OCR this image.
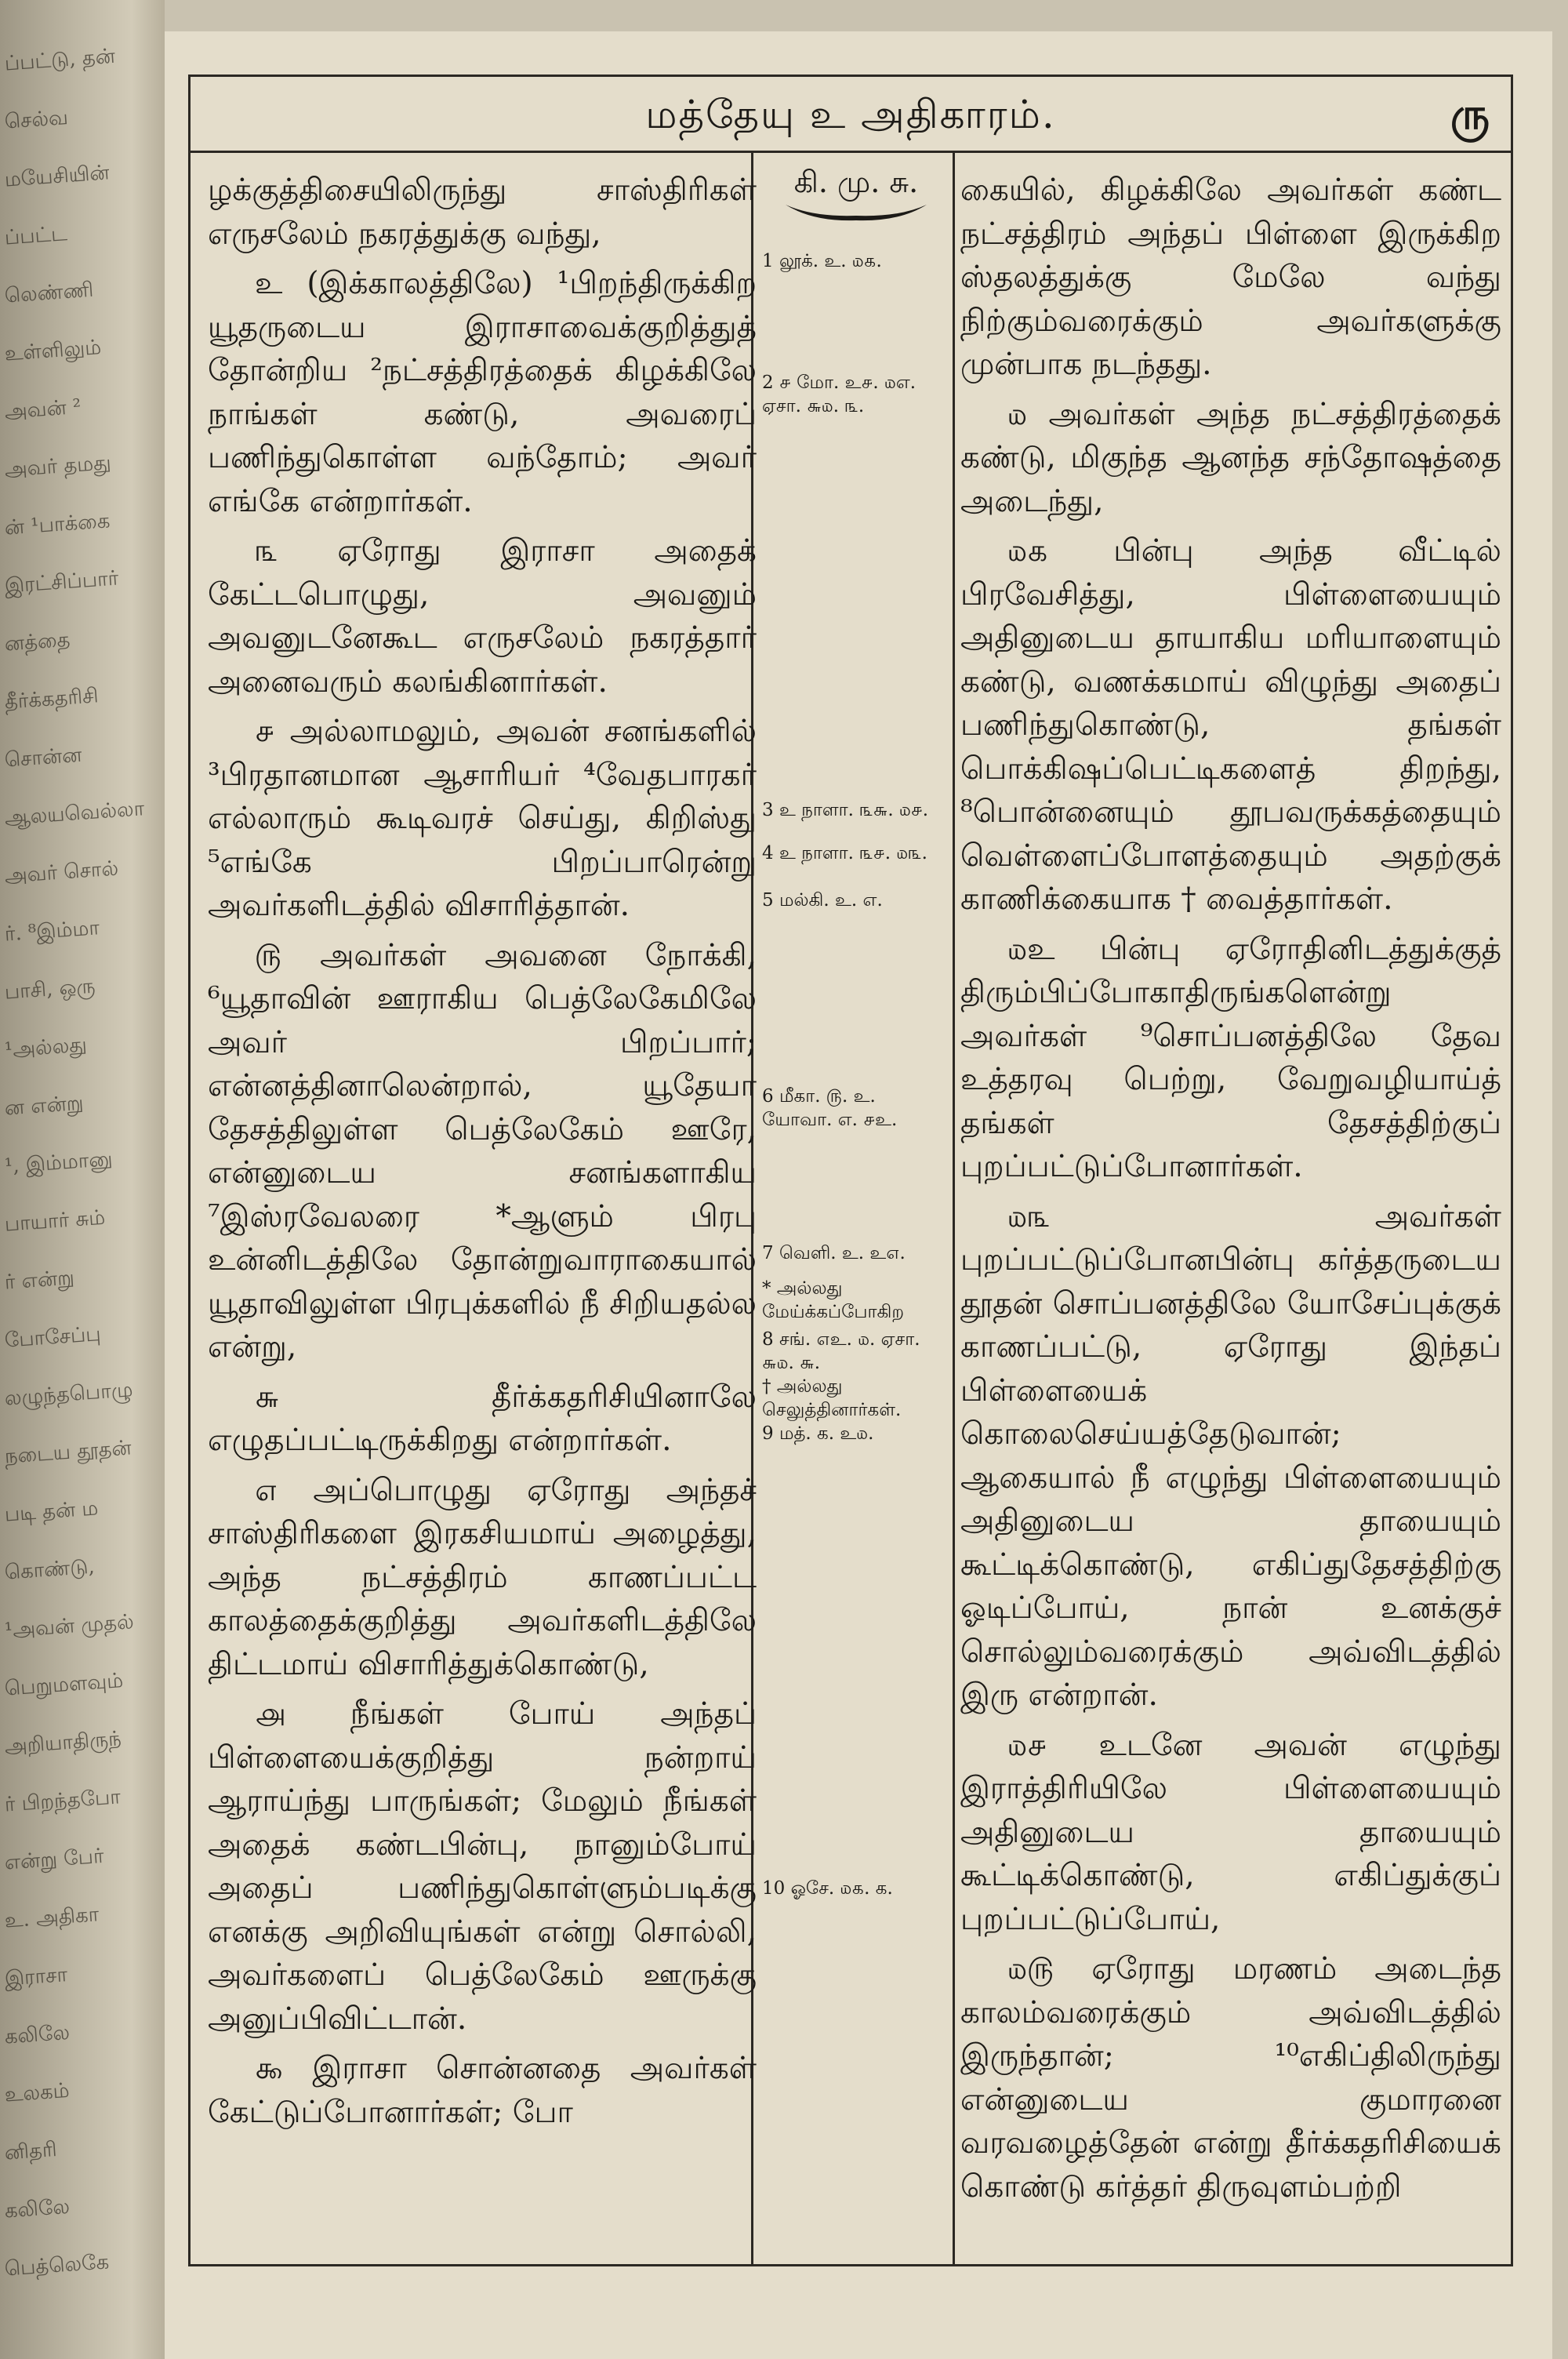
ப்பட்டு, தன்
செல்வ
மயேசியின்
ப்பட்ட
லெண்ணி
உள்ளிலும்
அவன் ²
அவர் தமது
ன் ¹பாக்கை
இரட்சிப்பார்
னத்தை
தீர்க்கதரிசி
சொன்ன
ஆலயவெல்லா
அவர் சொல்
ர். ⁸இம்மா
பாசி, ஒரு
¹அல்லது
ன என்று
¹, இம்மானு
பாயார் சும்
ர் என்று
போசேப்பு
லழுந்தபொழு
நடைய தூதன்
படி தன் ம
கொண்டு,
¹அவன் முதல்
பெறுமளவும்
அறியாதிருந்
ர் பிறந்தபோ
என்று பேர்
உ. அதிகா
இராசா
கலிலே
உலகம்
னிதரி
கலிலே
பெத்லெகே
மத்தேயு உ அதிகாரம்.	ரு

ழக்குத்திசையிலிருந்து சாஸ்திரிகள் எருசலேம் நகரத்துக்கு வந்து,

உ (இக்காலத்திலே) ¹பிறந்திருக்கிற யூதருடைய இராசாவைக்குறித்துத் தோன்றிய ²நட்சத்திரத்தைக் கிழக்கிலே நாங்கள் கண்டு, அவரைப் பணிந்துகொள்ள வந்தோம்; அவர் எங்கே என்றார்கள்.

௩ ஏரோது இராசா அதைக் கேட்டபொழுது, அவனும் அவனுடனேகூட எருசலேம் நகரத்தார் அனைவரும் கலங்கினார்கள்.

௪ அல்லாமலும், அவன் சனங்களில் ³பிரதானமான ஆசாரியர் ⁴வேதபாரகர் எல்லாரும் கூடிவரச் செய்து, கிறிஸ்து ⁵எங்கே பிறப்பாரென்று அவர்களிடத்தில் விசாரித்தான்.

௫ அவர்கள் அவனை நோக்கி, ⁶யூதாவின் ஊராகிய பெத்லேகேமிலே அவர் பிறப்பார்; என்னத்தினாலென்றால், யூதேயா தேசத்திலுள்ள பெத்லேகேம் ஊரே, என்னுடைய சனங்களாகிய ⁷இஸ்ரவேலரை *ஆளும் பிரபு உன்னிடத்திலே தோன்றுவாராகையால் யூதாவிலுள்ள பிரபுக்களில் நீ சிறியதல்ல என்று,

௬ தீர்க்கதரிசியினாலே எழுதப்பட்டிருக்கிறது என்றார்கள்.

௭ அப்பொழுது ஏரோது அந்தச் சாஸ்திரிகளை இரகசியமாய் அழைத்து, அந்த நட்சத்திரம் காணப்பட்ட காலத்தைக்குறித்து அவர்களிடத்திலே திட்டமாய் விசாரித்துக்கொண்டு,

௮ நீங்கள் போய் அந்தப் பிள்ளையைக்குறித்து நன்றாய் ஆராய்ந்து பாருங்கள்; மேலும் நீங்கள் அதைக் கண்டபின்பு, நானும்போய் அதைப் பணிந்துகொள்ளும்படிக்கு எனக்கு அறிவியுங்கள் என்று சொல்லி, அவர்களைப் பெத்லேகேம் ஊருக்கு அனுப்பிவிட்டான்.

௯ இராசா சொன்னதை அவர்கள் கேட்டுப்போனார்கள்; போ

கி. மு. சு.
1 லூக். உ. ௰௧.
2 ௪ மோ. உ௪. ௰எ. ஏசா. ௬௰. ௩.
3 உ நாளா. ௩௬. ௰௪.
4 உ நாளா. ௩௪. ௰௩.
5 மல்கி. உ. எ.
6 மீகா. ௫. உ. யோவா. எ. ௪உ.
7 வெளி. உ. உ௭.
* அல்லது மேய்க்கப்போகிற
8 சங். ௭உ. ௰. ஏசா. ௬௰. ௬.
† அல்லது செலுத்தினார்கள்.
9 மத். க. உ௰.
10 ஓசே. ௰௧. க.

கையில், கிழக்கிலே அவர்கள் கண்ட நட்சத்திரம் அந்தப் பிள்ளை இருக்கிற ஸ்தலத்துக்கு மேலே வந்து நிற்கும்வரைக்கும் அவர்களுக்கு முன்பாக நடந்தது.

௰ அவர்கள் அந்த நட்சத்திரத்தைக் கண்டு, மிகுந்த ஆனந்த சந்தோஷத்தை அடைந்து,

௰௧ பின்பு அந்த வீட்டில் பிரவேசித்து, பிள்ளையையும் அதினுடைய தாயாகிய மரியாளையும் கண்டு, வணக்கமாய் விழுந்து அதைப் பணிந்துகொண்டு, தங்கள் பொக்கிஷப்பெட்டிகளைத் திறந்து, ⁸பொன்னையும் தூபவருக்கத்தையும் வெள்ளைப்போளத்தையும் அதற்குக் காணிக்கையாக † வைத்தார்கள்.

௰உ பின்பு ஏரோதினிடத்துக்குத் திரும்பிப்போகாதிருங்களென்று அவர்கள் ⁹சொப்பனத்திலே தேவ உத்தரவு பெற்று, வேறுவழியாய்த் தங்கள் தேசத்திற்குப் புறப்பட்டுப்போனார்கள்.

௰௩ அவர்கள் புறப்பட்டுப்போனபின்பு கர்த்தருடைய தூதன் சொப்பனத்திலே யோசேப்புக்குக் காணப்பட்டு, ஏரோது இந்தப் பிள்ளையைக் கொலைசெய்யத்தேடுவான்; ஆகையால் நீ எழுந்து பிள்ளையையும் அதினுடைய தாயையும் கூட்டிக்கொண்டு, எகிப்துதேசத்திற்கு ஓடிப்போய், நான் உனக்குச் சொல்லும்வரைக்கும் அவ்விடத்தில் இரு என்றான்.

௰௪ உடனே அவன் எழுந்து இராத்திரியிலே பிள்ளையையும் அதினுடைய தாயையும் கூட்டிக்கொண்டு, எகிப்துக்குப் புறப்பட்டுப்போய்,

௰௫ ஏரோது மரணம் அடைந்த காலம்வரைக்கும் அவ்விடத்தில் இருந்தான்; ¹⁰எகிப்திலிருந்து என்னுடைய குமாரனை வரவழைத்தேன் என்று தீர்க்கதரிசியைக் கொண்டு கர்த்தர் திருவுளம்பற்றி
